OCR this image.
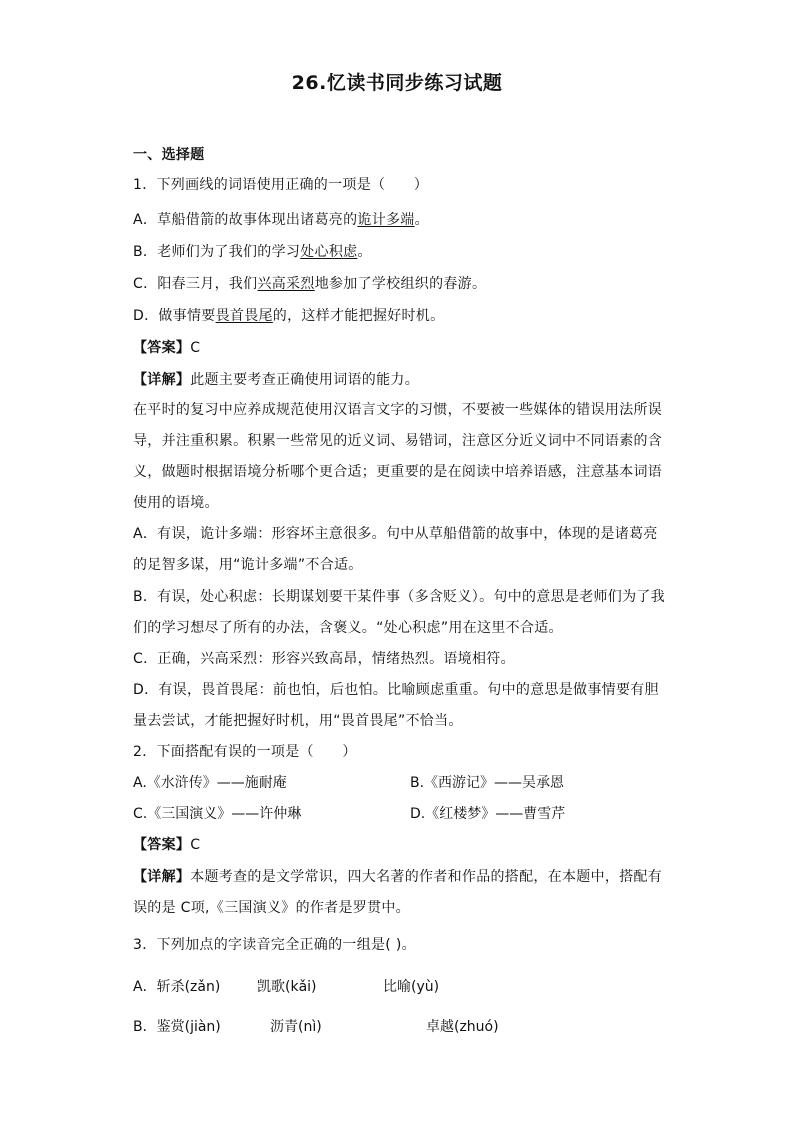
26.忆读书同步练习试题
一、选择题
1．下列画线的词语使用正确的一项是（　　）
A．草船借箭的故事体现出诸葛亮的诡计多端。
B．老师们为了我们的学习处心积虑。
C．阳春三月，我们兴高采烈地参加了学校组织的春游。
D．做事情要畏首畏尾的，这样才能把握好时机。
【答案】C
【详解】此题主要考查正确使用词语的能力。
在平时的复习中应养成规范使用汉语言文字的习惯，不要被一些媒体的错误用法所误
导，并注重积累。积累一些常见的近义词、易错词，注意区分近义词中不同语素的含
义，做题时根据语境分析哪个更合适；更重要的是在阅读中培养语感，注意基本词语
使用的语境。
A．有误，诡计多端：形容坏主意很多。句中从草船借箭的故事中，体现的是诸葛亮
的足智多谋，用“诡计多端”不合适。
B．有误，处心积虑：长期谋划要干某件事（多含贬义）。句中的意思是老师们为了我
们的学习想尽了所有的办法，含褒义。“处心积虑”用在这里不合适。
C．正确，兴高采烈：形容兴致高昂，情绪热烈。语境相符。
D．有误，畏首畏尾：前也怕，后也怕。比喻顾虑重重。句中的意思是做事情要有胆
量去尝试，才能把握好时机，用“畏首畏尾”不恰当。
2．下面搭配有误的一项是（　　）
A.《水浒传》——施耐庵	B.《西游记》——吴承恩
C.《三国演义》——许仲琳	D.《红楼梦》——曹雪芹
【答案】C
【详解】本题考查的是文学常识，四大名著的作者和作品的搭配，在本题中，搭配有
误的是 C项,《三国演义》的作者是罗贯中。
3．下列加点的字读音完全正确的一组是( )。
A．斩杀(zǎn)	凯歌(kǎi)	比喻(yù)
B．鉴赏(jiàn)	沥青(nì)	卓越(zhuó)
